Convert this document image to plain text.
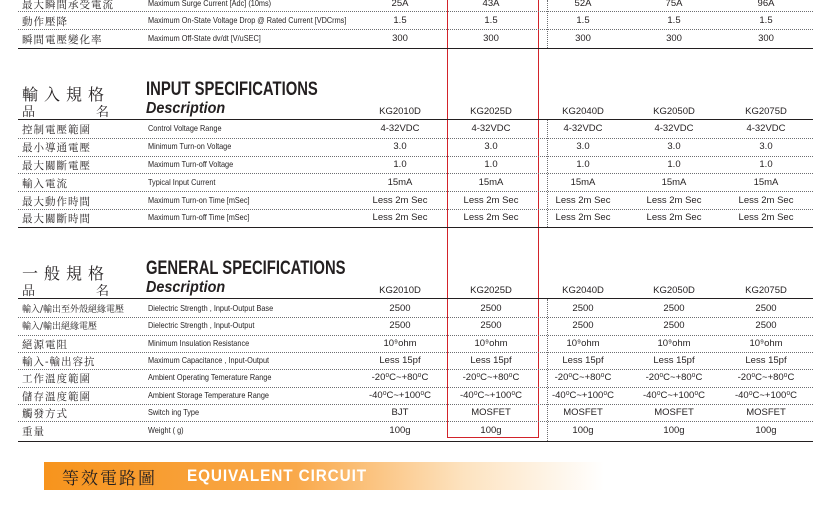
最大瞬間承受電流	Maximum Surge Current [Adc] (10ms)	25A	43A	52A	75A	96A
動作壓降	Maximum On-State Voltage Drop @ Rated Current [VDCrms]	1.5	1.5	1.5	1.5	1.5
瞬間電壓變化率	Maximum Off-State dv/dt [V/uSEC]	300	300	300	300	300
輸入規格 INPUT SPECIFICATIONS
品	名 Description	KG2010D	KG2025D	KG2040D	KG2050D	KG2075D
控制電壓範圍	Control Voltage Range	4-32VDC	4-32VDC	4-32VDC	4-32VDC	4-32VDC
最小導通電壓	Minimum Turn-on Voltage	3.0	3.0	3.0	3.0	3.0
最大關斷電壓	Maximum Turn-off Voltage	1.0	1.0	1.0	1.0	1.0
輸入電流	Typical Input Current	15mA	15mA	15mA	15mA	15mA
最大動作時間	Maximum Turn-on Time [mSec]	Less 2m Sec	Less 2m Sec	Less 2m Sec	Less 2m Sec	Less 2m Sec
最大關斷時間	Maximum Turn-off Time [mSec]	Less 2m Sec	Less 2m Sec	Less 2m Sec	Less 2m Sec	Less 2m Sec
一般規格 GENERAL SPECIFICATIONS
品	名 Description	KG2010D	KG2025D	KG2040D	KG2050D	KG2075D
輸入/輸出至外殼絕緣電壓	Dielectric Strength , Input-Output Base	2500	2500	2500	2500	2500
輸入/輸出絕緣電壓	Dielectric Strength , Input-Output	2500	2500	2500	2500	2500
絕源電阻	Minimum Insulation Resistance	10⁹ohm	10⁹ohm	10⁹ohm	10⁹ohm	10⁹ohm
輸入-輸出容抗	Maximum Capacitance , Input-Output	Less 15pf	Less 15pf	Less 15pf	Less 15pf	Less 15pf
工作溫度範圍	Ambient Operating Temerature Range	-20⁰C~+80⁰C	-20⁰C~+80⁰C	-20⁰C~+80⁰C	-20⁰C~+80⁰C	-20⁰C~+80⁰C
儲存溫度範圍	Ambient Storage Temperature Range	-40⁰C~+100⁰C	-40⁰C~+100⁰C	-40⁰C~+100⁰C	-40⁰C~+100⁰C	-40⁰C~+100⁰C
觸發方式	Switch ing Type	BJT	MOSFET	MOSFET	MOSFET	MOSFET
重量	Weight ( g)	100g	100g	100g	100g	100g
等效電路圖 EQUIVALENT CIRCUIT
